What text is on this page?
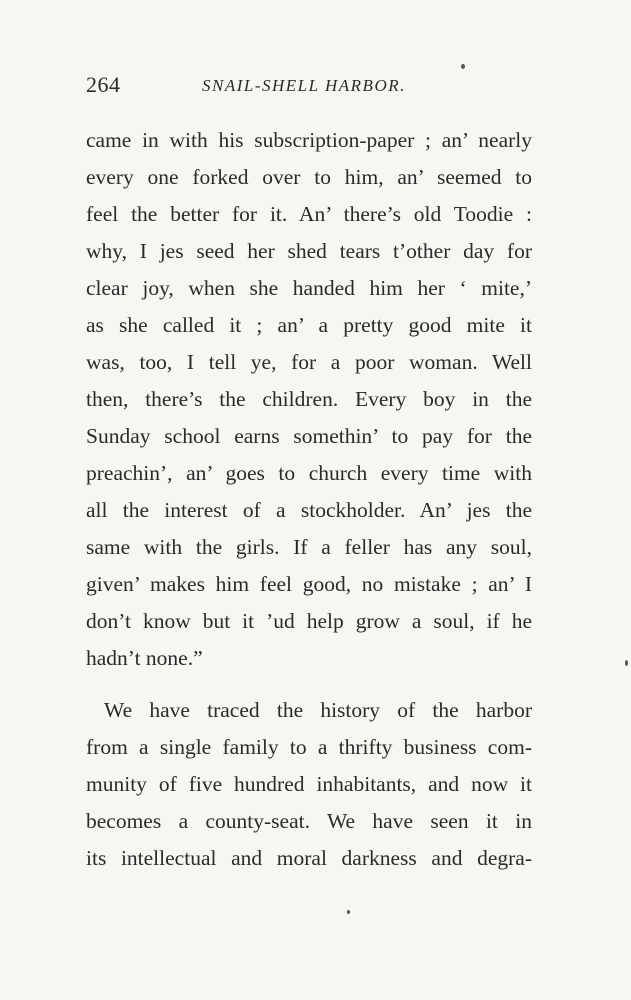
264	SNAIL-SHELL HARBOR.
came in with his subscription-paper ; an’ nearly
every one forked over to him, an’ seemed to
feel the better for it. An’ there’s old Toodie :
why, I jes seed her shed tears t’other day for
clear joy, when she handed him her ‘ mite,’
as she called it ; an’ a pretty good mite it
was, too, I tell ye, for a poor woman. Well
then, there’s the children. Every boy in the
Sunday school earns somethin’ to pay for the
preachin’, an’ goes to church every time with
all the interest of a stockholder. An’ jes the
same with the girls. If a feller has any soul,
given’ makes him feel good, no mistake ; an’ I
don’t know but it ’ud help grow a soul, if he
hadn’t none.”
We have traced the history of the harbor
from a single family to a thrifty business com-
munity of five hundred inhabitants, and now it
becomes a county-seat. We have seen it in
its intellectual and moral darkness and degra-
